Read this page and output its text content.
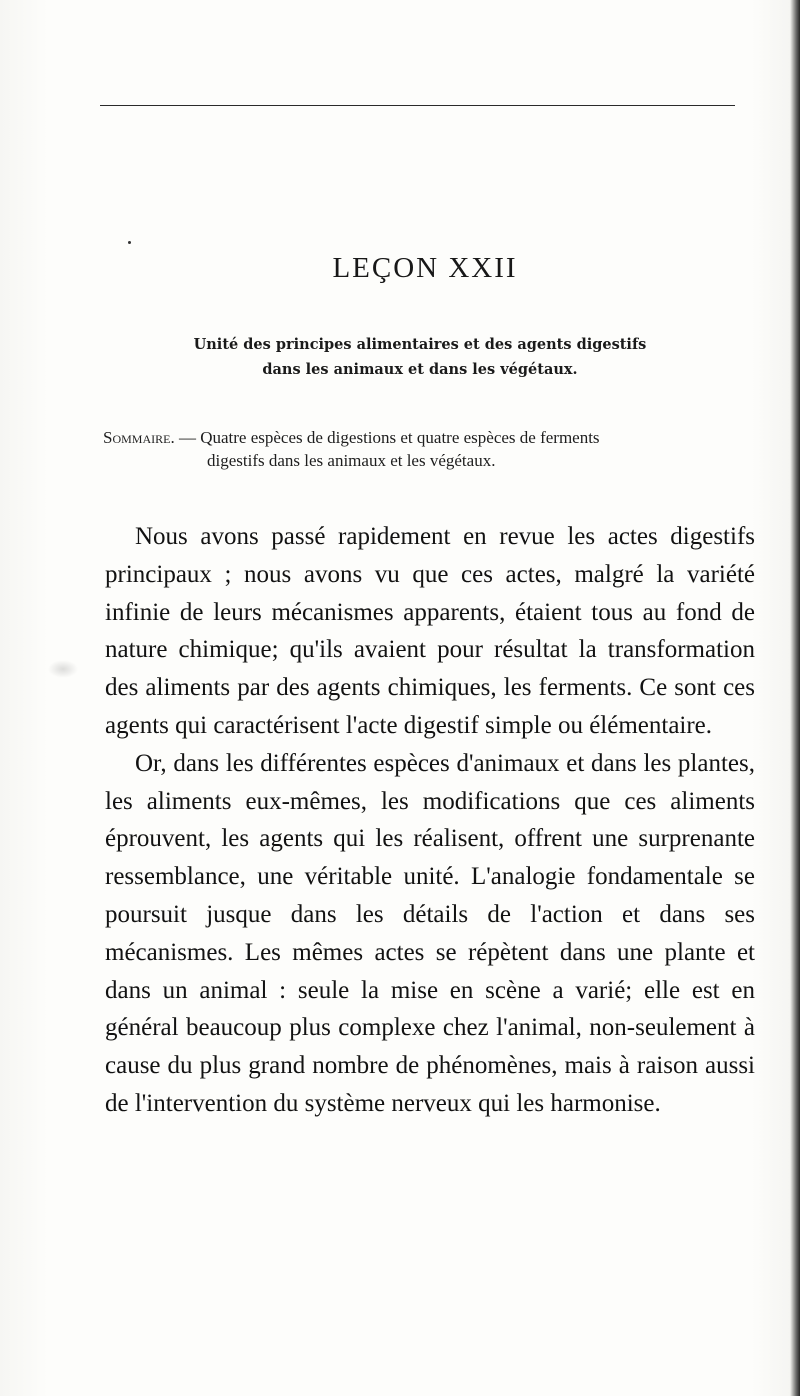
LEÇON XXII
Unité des principes alimentaires et des agents digestifs
dans les animaux et dans les végétaux.
Sommaire. — Quatre espèces de digestions et quatre espèces de ferments
digestifs dans les animaux et les végétaux.

Nous avons passé rapidement en revue les actes digestifs principaux ; nous avons vu que ces actes, malgré la variété infinie de leurs mécanismes apparents, étaient tous au fond de nature chimique; qu'ils avaient pour résultat la transformation des aliments par des agents chimiques, les ferments. Ce sont ces agents qui caractérisent l'acte digestif simple ou élémentaire.

Or, dans les différentes espèces d'animaux et dans les plantes, les aliments eux-mêmes, les modifications que ces aliments éprouvent, les agents qui les réalisent, offrent une surprenante ressemblance, une véritable unité. L'analogie fondamentale se poursuit jusque dans les détails de l'action et dans ses mécanismes. Les mêmes actes se répètent dans une plante et dans un animal : seule la mise en scène a varié; elle est en général beaucoup plus complexe chez l'animal, non-seulement à cause du plus grand nombre de phénomènes, mais à raison aussi de l'intervention du système nerveux qui les harmonise.
